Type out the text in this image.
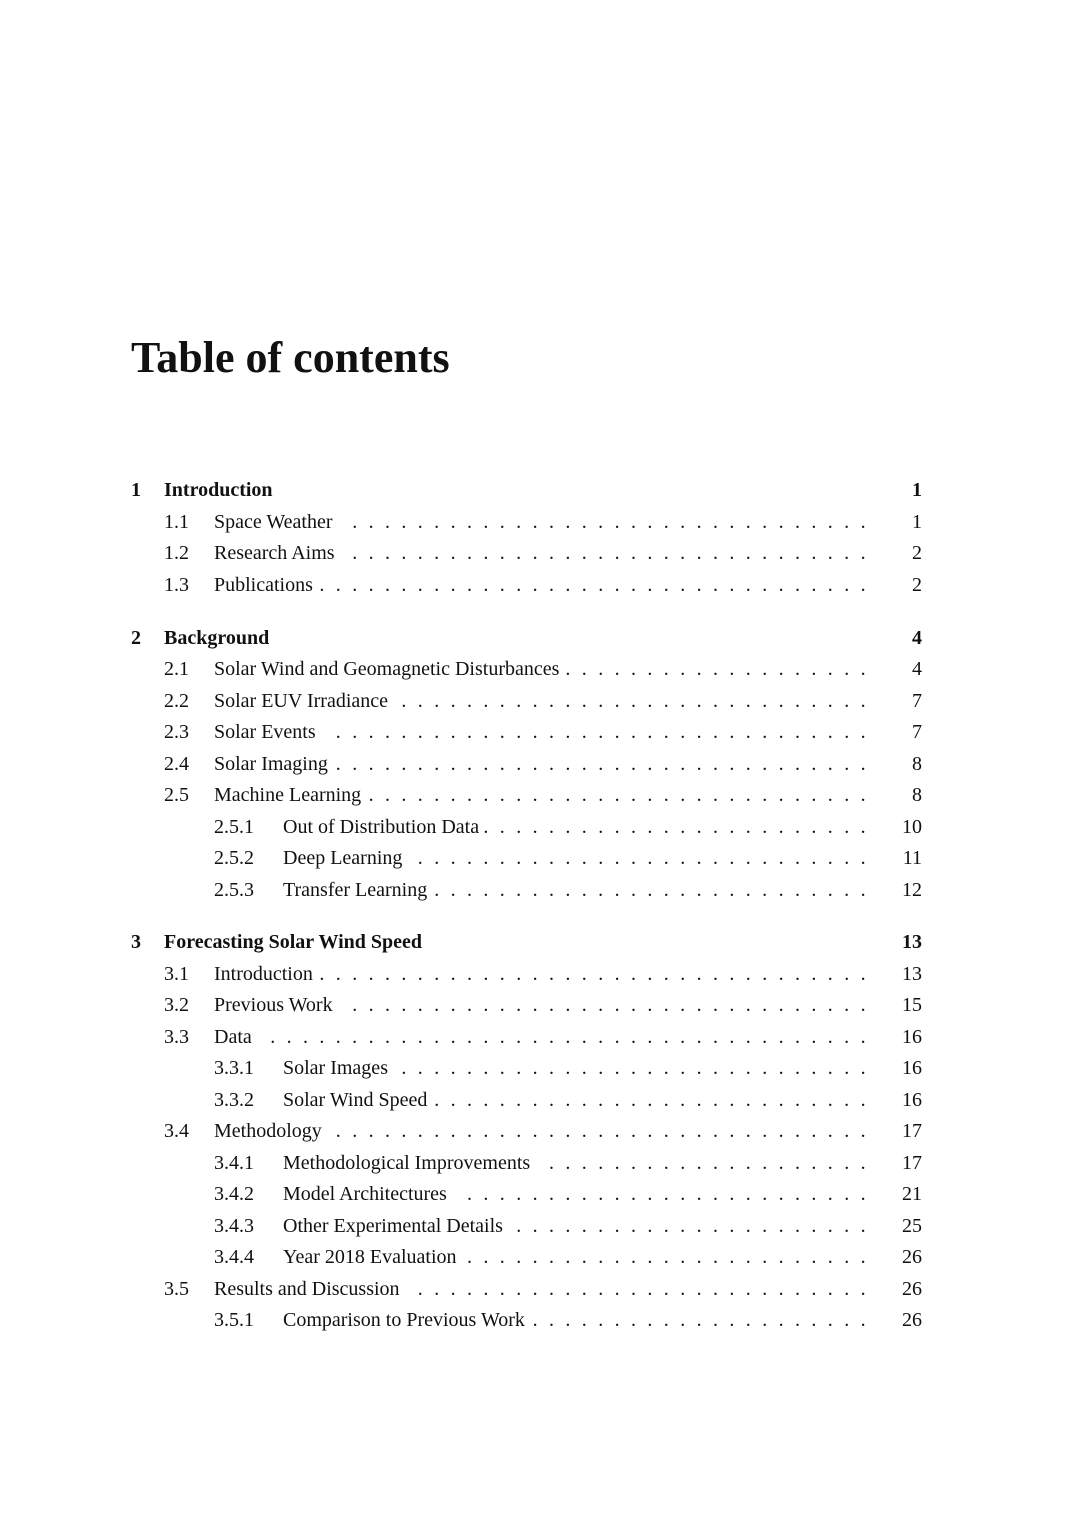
Table of contents
1 Introduction	1
1.1 Space Weather ................................ 1
1.2 Research Aims ................................ 2
1.3 Publications .................................. 2
2 Background	4
2.1 Solar Wind and Geomagnetic Disturbances ................... 4
2.2 Solar EUV Irradiance ............................. 7
2.3 Solar Events	................................. 7
2.4 Solar Imaging ................................. 8
2.5 Machine Learning ............................... 8
2.5.1 Out of Distribution Data ........................ 10
2.5.2 Deep Learning ............................ 11
2.5.3 Transfer Learning ........................... 12
3 Forecasting Solar Wind Speed	13
3.1 Introduction .................................. 13
3.2 Previous Work ................................ 15
3.3 Data ..................................... 16
3.3.1 Solar Images ............................. 16
3.3.2 Solar Wind Speed ........................... 16
3.4 Methodology ................................. 17
3.4.1 Methodological Improvements .................... 17
3.4.2 Model Architectures	......................... 21
3.4.3 Other Experimental Details ...................... 25
3.4.4 Year 2018 Evaluation ......................... 26
3.5 Results and Discussion ............................ 26
3.5.1 Comparison to Previous Work ..................... 26
